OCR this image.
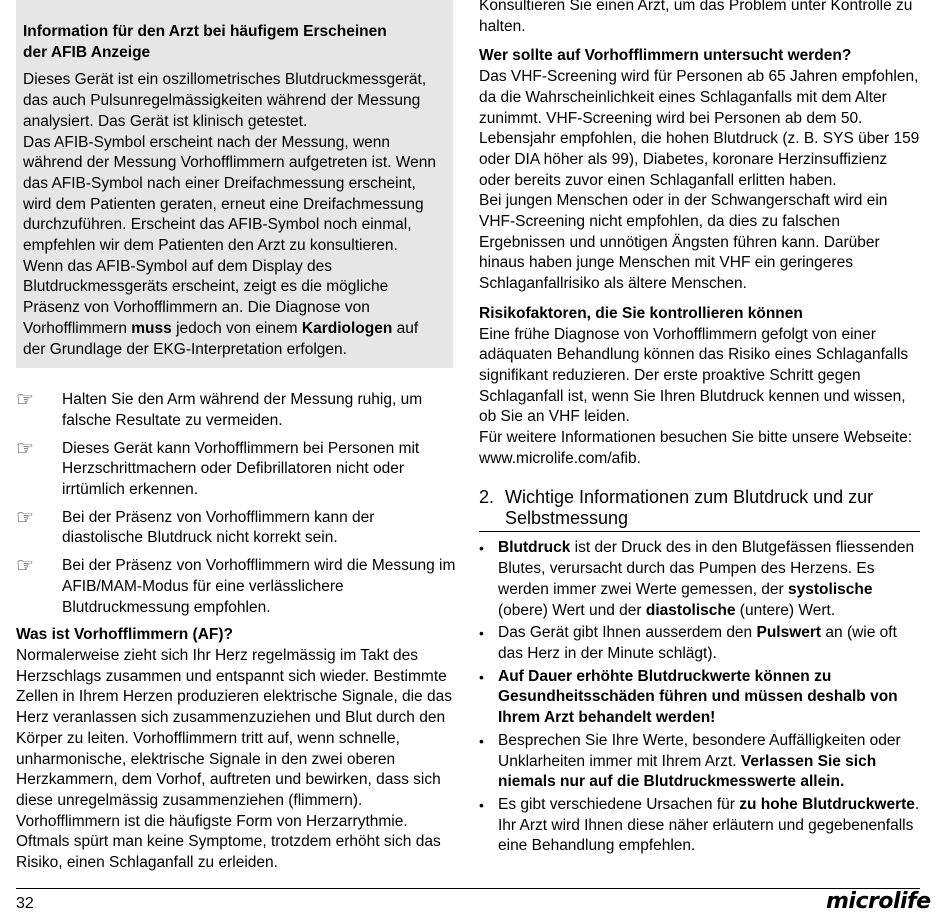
Information für den Arzt bei häufigem Erscheinen
der AFIB Anzeige

Dieses Gerät ist ein oszillometrisches Blutdruckmessgerät, das auch Pulsunregelmässigkeiten während der Messung analysiert. Das Gerät ist klinisch getestet.

Das AFIB-Symbol erscheint nach der Messung, wenn während der Messung Vorhofflimmern aufgetreten ist. Wenn das AFIB-Symbol nach einer Dreifachmessung erscheint, wird dem Patienten geraten, erneut eine Dreifachmessung durchzuführen. Erscheint das AFIB-Symbol noch einmal, empfehlen wir dem Patienten den Arzt zu konsultieren.

Wenn das AFIB-Symbol auf dem Display des Blutdruckmessgeräts erscheint, zeigt es die mögliche Präsenz von Vorhofflimmern an. Die Diagnose von Vorhofflimmern muss jedoch von einem Kardiologen auf der Grundlage der EKG-Interpretation erfolgen.

☞	Halten Sie den Arm während der Messung ruhig, um falsche Resultate zu vermeiden.
☞	Dieses Gerät kann Vorhofflimmern bei Personen mit Herzschrittmachern oder Defibrillatoren nicht oder irrtümlich erkennen.
☞	Bei der Präsenz von Vorhofflimmern kann der diastolische Blutdruck nicht korrekt sein.
☞	Bei der Präsenz von Vorhofflimmern wird die Messung im AFIB/MAM-Modus für eine verlässlichere Blutdruckmessung empfohlen.
Was ist Vorhofflimmern (AF)?

Normalerweise zieht sich Ihr Herz regelmässig im Takt des Herzschlags zusammen und entspannt sich wieder. Bestimmte Zellen in Ihrem Herzen produzieren elektrische Signale, die das Herz veranlassen sich zusammenzuziehen und Blut durch den Körper zu leiten. Vorhofflimmern tritt auf, wenn schnelle, unharmonische, elektrische Signale in den zwei oberen Herzkammern, dem Vorhof, auftreten und bewirken, dass sich diese unregelmässig zusammenziehen (flimmern). Vorhofflimmern ist die häufigste Form von Herzarrythmie. Oftmals spürt man keine Symptome, trotzdem erhöht sich das Risiko, einen Schlaganfall zu erleiden.

Konsultieren Sie einen Arzt, um das Problem unter Kontrolle zu halten.

Wer sollte auf Vorhofflimmern untersucht werden?

Das VHF-Screening wird für Personen ab 65 Jahren empfohlen, da die Wahrscheinlichkeit eines Schlaganfalls mit dem Alter zunimmt. VHF-Screening wird bei Personen ab dem 50. Lebensjahr empfohlen, die hohen Blutdruck (z. B. SYS über 159 oder DIA höher als 99), Diabetes, koronare Herzinsuffizienz oder bereits zuvor einen Schlaganfall erlitten haben.

Bei jungen Menschen oder in der Schwangerschaft wird ein VHF-Screening nicht empfohlen, da dies zu falschen Ergebnissen und unnötigen Ängsten führen kann. Darüber hinaus haben junge Menschen mit VHF ein geringeres Schlaganfallrisiko als ältere Menschen.

Risikofaktoren, die Sie kontrollieren können

Eine frühe Diagnose von Vorhofflimmern gefolgt von einer adäquaten Behandlung können das Risiko eines Schlaganfalls signifikant reduzieren. Der erste proaktive Schritt gegen Schlaganfall ist, wenn Sie Ihren Blutdruck kennen und wissen, ob Sie an VHF leiden.

Für weitere Informationen besuchen Sie bitte unsere Webseite: www.microlife.com/afib.

2. Wichtige Informationen zum Blutdruck und zur Selbstmessung
• Blutdruck ist der Druck des in den Blutgefässen fliessenden Blutes, verursacht durch das Pumpen des Herzens. Es werden immer zwei Werte gemessen, der systolische (obere) Wert und der diastolische (untere) Wert.
• Das Gerät gibt Ihnen ausserdem den Pulswert an (wie oft das Herz in der Minute schlägt).
• Auf Dauer erhöhte Blutdruckwerte können zu Gesundheitsschäden führen und müssen deshalb von Ihrem Arzt behandelt werden!
• Besprechen Sie Ihre Werte, besondere Auffälligkeiten oder Unklarheiten immer mit Ihrem Arzt. Verlassen Sie sich niemals nur auf die Blutdruckmesswerte allein.
• Es gibt verschiedene Ursachen für zu hohe Blutdruckwerte. Ihr Arzt wird Ihnen diese näher erläutern und gegebenenfalls eine Behandlung empfehlen.
32	microlife
